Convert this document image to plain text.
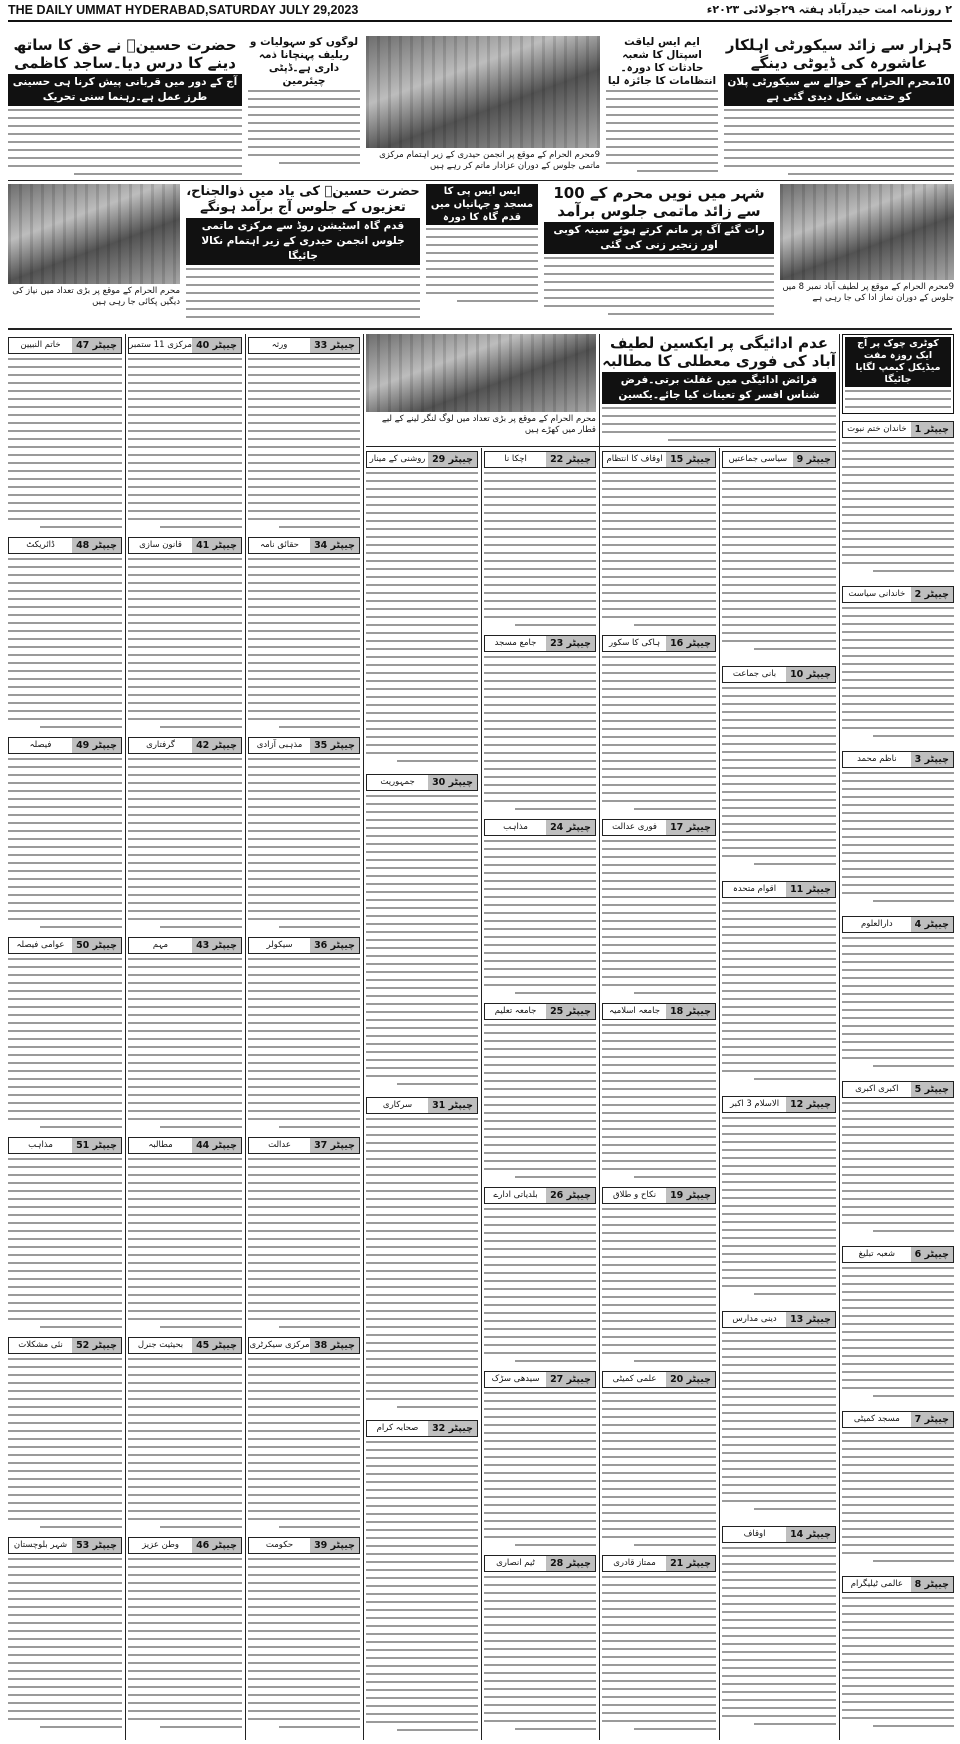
THE DAILY UMMAT HYDERABAD,SATURDAY JULY 29,2023	۲ روزنامہ امت حیدرآباد ہفتہ ۲۹جولائی ۲۰۲۳ء
5ہزار سے زائد سیکورٹی اہلکار عاشورہ کی ڈیوٹی دینگے
10محرم الحرام کے حوالے سے سیکورٹی پلان کو حتمی شکل دیدی گئی ہے
ایم ایس لیاقت اسپتال کا شعبہ حادثات کا دورہ۔انتظامات کا جائزہ لیا
9محرم الحرام کے موقع پر انجمن حیدری کے زیر اہتمام مرکزی ماتمی جلوس کے دوران عزادار ماتم کر رہے ہیں
لوگوں کو سہولیات و ریلیف پہنچانا ذمہ داری ہے۔ڈپٹی چیئرمین
حضرت حسینؓ نے حق کا ساتھ دینے کا درس دیا۔ساجد کاظمی
آج کے دور میں قربانی پیش کرنا ہی حسینی طرز عمل ہے۔رہنما سنی تحریک
9محرم الحرام کے موقع پر لطیف آباد نمبر 8 میں جلوس کے دوران نماز ادا کی جا رہی ہے
شہر میں نویں محرم کے 100 سے زائد ماتمی جلوس برآمد
رات گئے آگ پر ماتم کرتے ہوئے سینہ کوبی اور زنجیر زنی کی گئی
ایس ایس پی کا مسجد و جہانیاں میں قدم گاہ کا دورہ
حضرت حسینؓ کی یاد میں ذوالجناح، تعزیوں کے جلوس آج برآمد ہونگے
قدم گاہ اسٹیشن روڈ سے مرکزی ماتمی جلوس انجمن حیدری کے زیر اہتمام نکالا جائیگا
محرم الحرام کے موقع پر بڑی تعداد میں نیاز کی دیگیں پکائی جا رہی ہیں
کوٹری چوک پر آج ایک روزہ مفت میڈیکل کیمپ لگایا جائیگا
عدم ادائیگی پر ایکسین لطیف آباد کی فوری معطلی کا مطالبہ
فرائض ادائیگی میں غفلت برتی۔فرض شناس افسر کو تعینات کیا جائے۔یکسین
محرم الحرام کے موقع پر بڑی تعداد میں لوگ لنگر لینے کے لیے قطار میں کھڑے ہیں	چیپٹر 1
خاندان ختم نبوت
چیپٹر 2
خاندانی سیاست
چیپٹر 3
ناظم محمد
چیپٹر 4
دارالعلوم
چیپٹر 5
اکبری اکبری
چیپٹر 6
شعبہ تبلیغ
چیپٹر 7
مسجد کمیٹی
چیپٹر 8
عالمی ٹیلیگرام
چیپٹر 9
سیاسی جماعتیں
چیپٹر 10
بانی جماعت
چیپٹر 11
اقوام متحدہ
چیپٹر 12
الاسلام 3 اکبر
چیپٹر 13
دینی مدارس
چیپٹر 14
اوقاف
چیپٹر 15
اوقاف کا انتظام
چیپٹر 16
ہاکی کا سکور
چیپٹر 17
فوری عدالت
چیپٹر 18
جامعہ اسلامیہ
چیپٹر 19
نکاح و طلاق
چیپٹر 20
علمی کمیٹی
چیپٹر 21
ممتاز قادری
چیپٹر 22
اچکا نا
چیپٹر 23
جامع مسجد
چیپٹر 24
مذاہب
چیپٹر 25
جامعہ تعلیم
چیپٹر 26
بلدیاتی ادارے
چیپٹر 27
سیدھی سڑک
چیپٹر 28
ٹیم انصاری
چیپٹر 29
روشنی کے مینار
چیپٹر 30
جمہوریت
چیپٹر 31
سرکاری
چیپٹر 32
صحابہ کرام
چیپٹر 33
ورثہ
چیپٹر 34
حقائق نامہ
چیپٹر 35
مذہبی آزادی
چیپٹر 36
سیکولر
چیپٹر 37
عدالت
چیپٹر 38
مرکزی سیکرٹری
چیپٹر 39
حکومت
چیپٹر 40
مرکزی 11 ستمبر
چیپٹر 41
قانون سازی
چیپٹر 42
گرفتاری
چیپٹر 43
مہم
چیپٹر 44
مطالبہ
چیپٹر 45
بحیثیت جنرل
چیپٹر 46
وطن عزیز
چیپٹر 47
خاتم النبیین
چیپٹر 48
ڈائریکٹ
چیپٹر 49
فیصلہ
چیپٹر 50
عوامی فیصلہ
چیپٹر 51
مذاہب
چیپٹر 52
نئی مشکلات
چیپٹر 53
شہر بلوچستان
